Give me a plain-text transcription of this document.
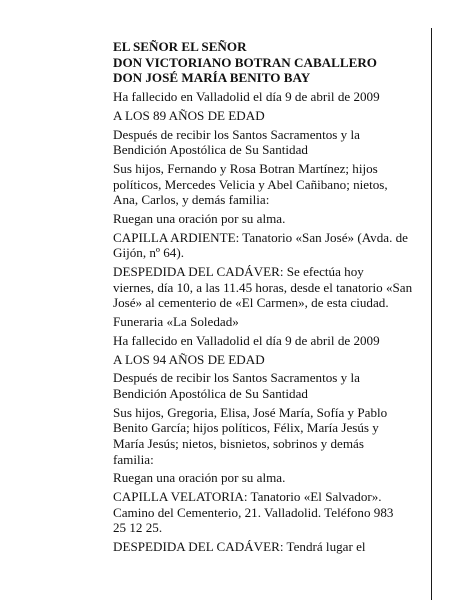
EL SEÑOR EL SEÑOR
DON VICTORIANO BOTRAN CABALLERO
DON JOSÉ MARÍA BENITO BAY
Ha fallecido en Valladolid el día 9 de abril de 2009
A LOS 89 AÑOS DE EDAD
Después de recibir los Santos Sacramentos y la
Bendición Apostólica de Su Santidad
Sus hijos, Fernando y Rosa Botran Martínez; hijos
políticos, Mercedes Velicia y Abel Cañibano; nietos,
Ana, Carlos, y demás familia:
Ruegan una oración por su alma.
CAPILLA ARDIENTE: Tanatorio «San José» (Avda. de
Gijón, nº 64).
DESPEDIDA DEL CADÁVER: Se efectúa hoy
viernes, día 10, a las 11.45 horas, desde el tanatorio «San
José» al cementerio de «El Carmen», de esta ciudad.
Funeraria «La Soledad»
Ha fallecido en Valladolid el día 9 de abril de 2009
A LOS 94 AÑOS DE EDAD
Después de recibir los Santos Sacramentos y la
Bendición Apostólica de Su Santidad
Sus hijos, Gregoria, Elisa, José María, Sofía y Pablo
Benito García; hijos políticos, Félix, María Jesús y
María Jesús; nietos, bisnietos, sobrinos y demás
familia:
Ruegan una oración por su alma.
CAPILLA VELATORIA: Tanatorio «El Salvador».
Camino del Cementerio, 21. Valladolid. Teléfono 983
25 12 25.
DESPEDIDA DEL CADÁVER: Tendrá lugar el
